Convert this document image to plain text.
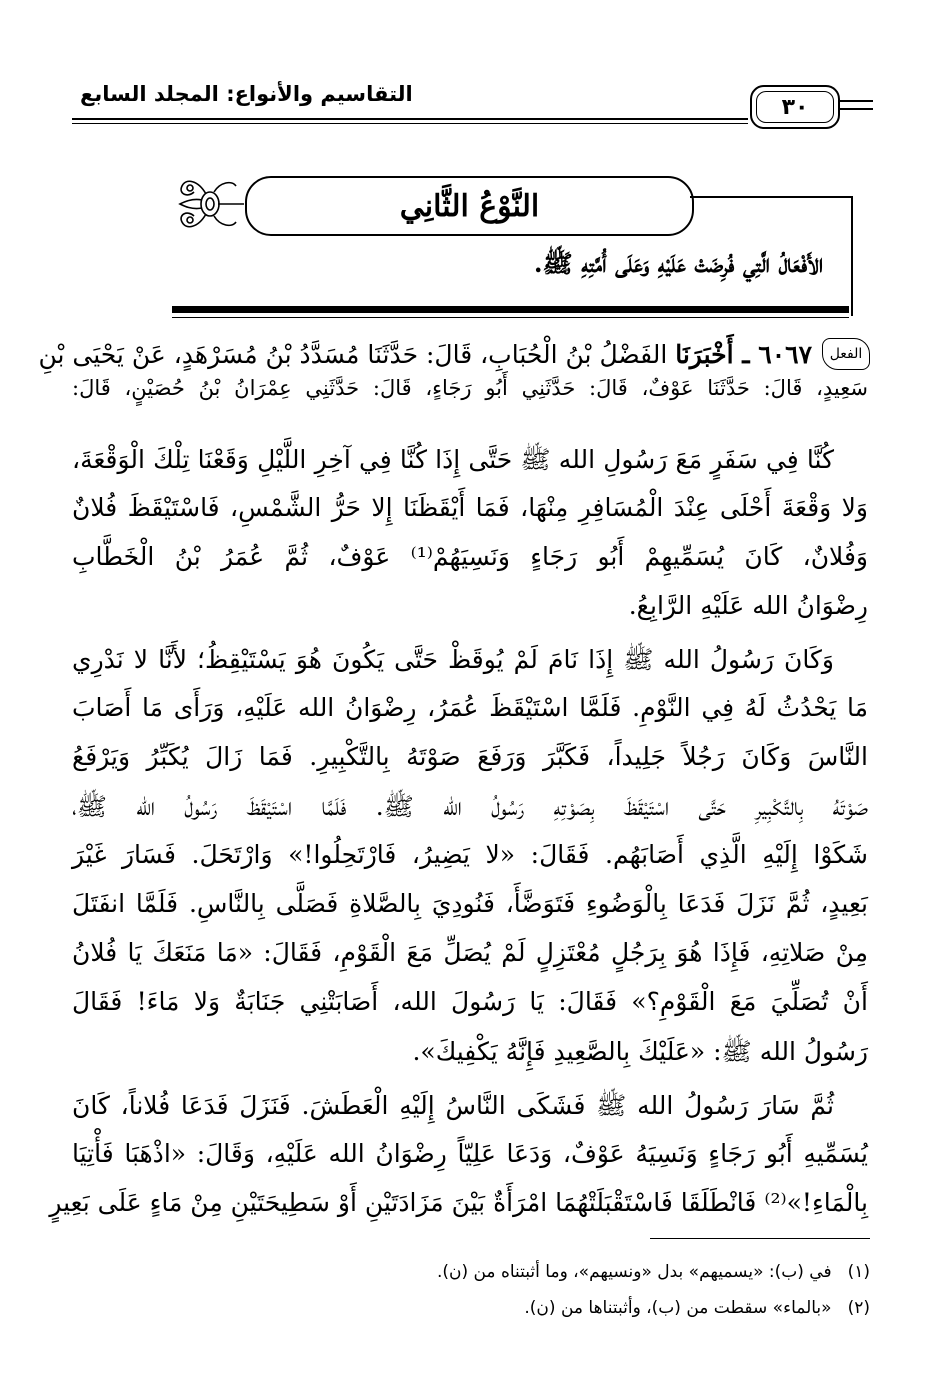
التقاسيم والأنواع: المجلد السابع
٣٠
النَّوْعُ الثَّانِي
الأَفْعَالُ الَّتِي فُرِضَتْ عَلَيْهِ وَعَلَى أُمَّتِهِ ﷺ.
الفعل
٦٠٦٧ ـ أَخْبَرَنَا الفَضْلُ بْنُ الْحُبَابِ، قَالَ: حَدَّثَنَا مُسَدَّدُ بْنُ مُسَرْهَدٍ، عَنْ يَحْيَى بْنِ
سَعِيدٍ، قَالَ: حَدَّثَنَا عَوْفٌ، قَالَ: حَدَّثَنِي أَبُو رَجَاءٍ، قَالَ: حَدَّثَنِي عِمْرَانُ بْنُ حُصَيْنٍ، قَالَ:
كُنَّا فِي سَفَرٍ مَعَ رَسُولِ الله ﷺ حَتَّى إِذَا كُنَّا فِي آخِرِ اللَّيْلِ وَقَعْنَا تِلْكَ الْوَقْعَةَ،
وَلا وَقْعَةَ أَحْلَى عِنْدَ الْمُسَافِرِ مِنْهَا، فَمَا أَيْقَظَنَا إِلا حَرُّ الشَّمْسِ، فَاسْتَيْقَظَ فُلانٌ
وَفُلانٌ، كَانَ يُسَمِّيهِمْ أَبُو رَجَاءٍ وَنَسِيَهُمْ⁽¹⁾ عَوْفٌ، ثُمَّ عُمَرُ بْنُ الْخَطَّابِ
رِضْوَانُ الله عَلَيْهِ الرَّابِعُ.
وَكَانَ رَسُولُ الله ﷺ إِذَا نَامَ لَمْ يُوقَظْ حَتَّى يَكُونَ هُوَ يَسْتَيْقِظُ؛ لأَنَّا لا نَدْرِي
مَا يَحْدُثُ لَهُ فِي النَّوْمِ. فَلَمَّا اسْتَيْقَظَ عُمَرُ، رِضْوَانُ الله عَلَيْهِ، وَرَأَى مَا أَصَابَ
النَّاسَ وَكَانَ رَجُلاً جَلِيداً، فَكَبَّرَ وَرَفَعَ صَوْتَهُ بِالتَّكْبِيرِ. فَمَا زَالَ يُكَبِّرُ وَيَرْفَعُ
صَوْتَهُ بِالتَّكْبِيرِ حَتَّى اسْتَيْقَظَ بِصَوْتِهِ رَسُولُ الله ﷺ. فَلَمَّا اسْتَيْقَظَ رَسُولُ الله ﷺ،
شَكَوْا إِلَيْهِ الَّذِي أَصَابَهُم. فَقَالَ: «لا يَضِيرُ، فَارْتَحِلُوا!» وَارْتَحَلَ. فَسَارَ غَيْرَ
بَعِيدٍ، ثُمَّ نَزَلَ فَدَعَا بِالْوَضُوءِ فَتَوَضَّأَ، فَنُودِيَ بِالصَّلاةِ فَصَلَّى بِالنَّاسِ. فَلَمَّا انفَتَلَ
مِنْ صَلاتِهِ، فَإِذَا هُوَ بِرَجُلٍ مُعْتَزِلٍ لَمْ يُصَلِّ مَعَ الْقَوْمِ، فَقَالَ: «مَا مَنَعَكَ يَا فُلانُ
أَنْ تُصَلِّيَ مَعَ الْقَوْمِ؟» فَقَالَ: يَا رَسُولَ الله، أَصَابَتْنِي جَنَابَةٌ وَلا مَاءَ! فَقَالَ
رَسُولُ الله ﷺ: «عَلَيْكَ بِالصَّعِيدِ فَإِنَّهُ يَكْفِيكَ».
ثُمَّ سَارَ رَسُولُ الله ﷺ فَشَكَى النَّاسُ إِلَيْهِ الْعَطَشَ. فَنَزَلَ فَدَعَا فُلاناً، كَانَ
يُسَمِّيهِ أَبُو رَجَاءٍ وَنَسِيَهُ عَوْفٌ، وَدَعَا عَلِيّاً رِضْوَانُ الله عَلَيْهِ، وَقَالَ: «اذْهَبَا فَأْتِيَا
بِالْمَاءِ!»⁽²⁾ فَانْطَلَقَا فَاسْتَقْبَلَتْهُمَا امْرَأَةٌ بَيْنَ مَزَادَتَيْنِ أَوْ سَطِيحَتَيْنِ مِنْ مَاءٍ عَلَى بَعِيرٍ
(١)في (ب): «يسميهم» بدل «ونسيهم»، وما أثبتناه من (ن).
(٢)«بالماء» سقطت من (ب)، وأثبتناها من (ن).
